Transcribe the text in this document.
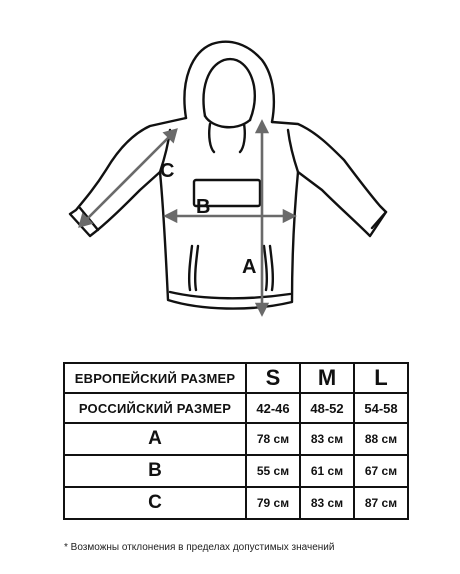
C
B
A
ЕВРОПЕЙСКИЙ РАЗМЕР	S	M	L
РОССИЙСКИЙ РАЗМЕР	42-46	48-52	54-58
A	78 см	83 см	88 см
B	55 см	61 см	67 см
C	79 см	83 см	87 см
* Возможны отклонения в пределах допустимых значений
